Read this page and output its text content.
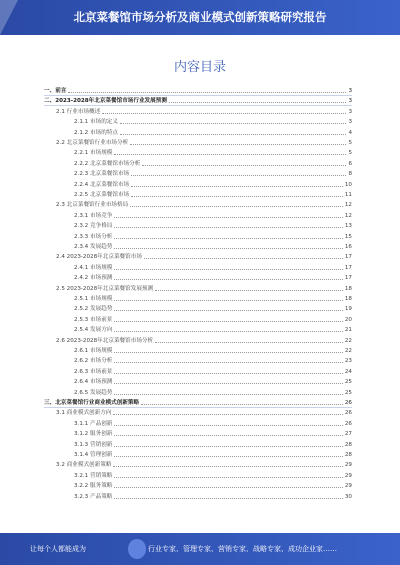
北京菜餐馆市场分析及商业模式创新策略研究报告
内容目录
一、前言	3
二、2023-2028年北京菜餐馆市场行业发展预测	3
2.1 行业市场概述	3
2.1.1 市场的定义	3
2.1.2 市场的特点	4
2.2 北京菜餐馆行业市场分析	5
2.2.1 市场规模	5
2.2.2 北京菜餐馆市场分析	6
2.2.3 北京菜餐馆市场	8
2.2.4 北京菜餐馆市场	10
2.2.5 北京菜餐馆市场	11
2.3 北京菜餐馆行业市场格局	12
2.3.1 市场竞争	12
2.3.2 竞争格局	13
2.3.3 市场分析	15
2.3.4 发展趋势	16
2.4 2023-2028年北京菜餐馆市场	17
2.4.1 市场规模	17
2.4.2 市场预测	17
2.5 2023-2028年北京菜餐馆发展预测	18
2.5.1 市场规模	18
2.5.2 发展趋势	19
2.5.3 市场前景	20
2.5.4 发展方向	21
2.6 2023-2028年北京菜餐馆市场分析	22
2.6.1 市场规模	22
2.6.2 市场分析	23
2.6.3 市场前景	24
2.6.4 市场预测	25
2.6.5 发展趋势	25
三、北京菜餐馆行业商业模式创新策略	26
3.1 商业模式创新方向	26
3.1.1 产品创新	26
3.1.2 服务创新	27
3.1.3 营销创新	28
3.1.4 管理创新	28
3.2 商业模式创新策略	29
3.2.1 营销策略	29
3.2.2 服务策略	29
3.2.3 产品策略	30
让每个人都能成为	行业专家、管理专家、营销专家、战略专家、成功企业家……
